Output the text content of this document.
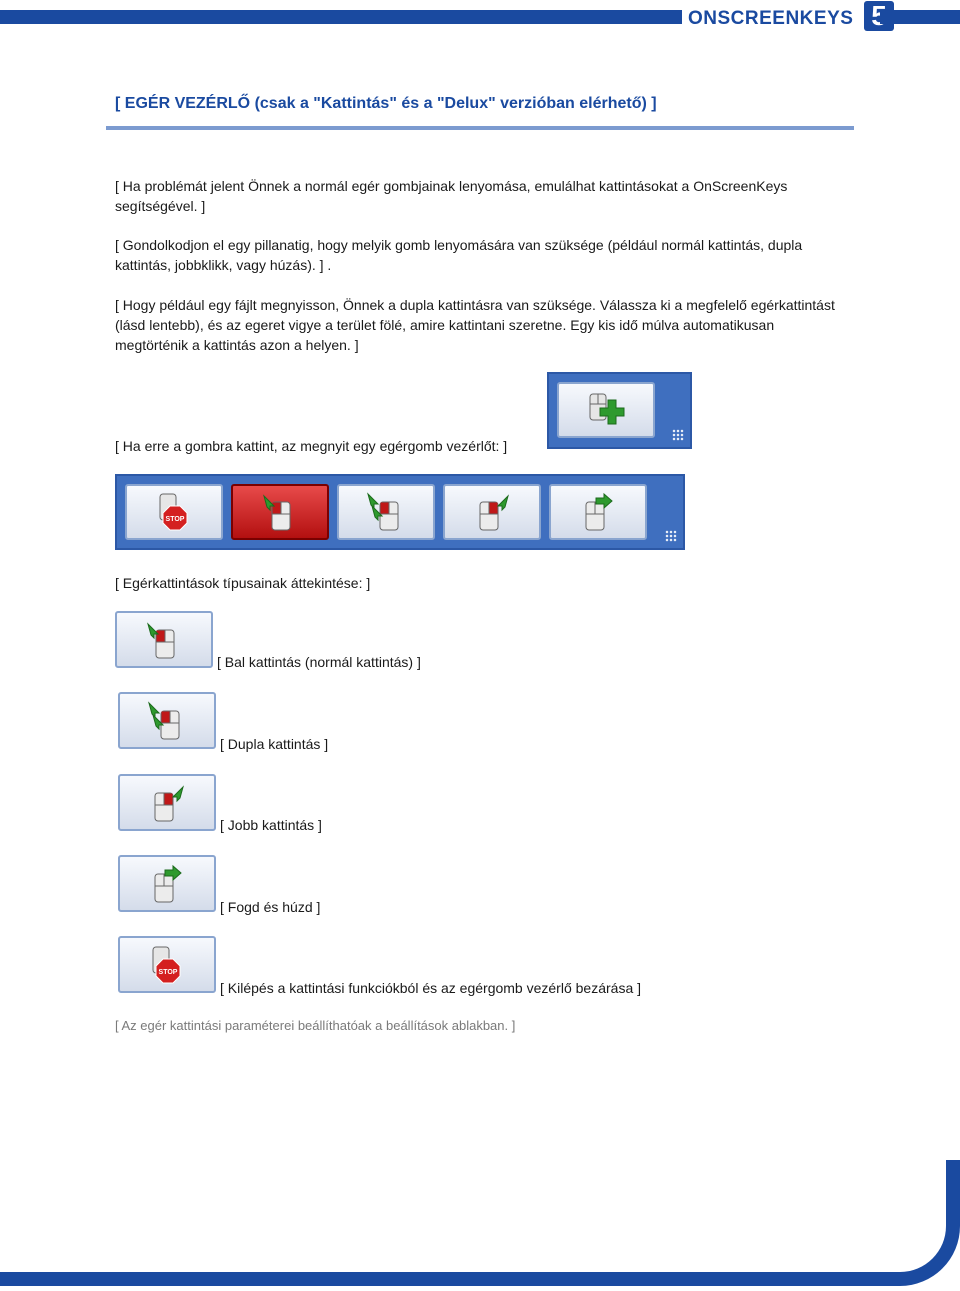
ONSCREENKEYS 5
[ EGÉR VEZÉRLŐ (csak a "Kattintás" és a "Delux" verzióban elérhető) ]
[ Ha problémát jelent Önnek a normál egér gombjainak lenyomása, emulálhat kattintásokat a OnScreenKeys segítségével. ]
[ Gondolkodjon el egy pillanatig, hogy melyik gomb lenyomására van szüksége (például normál kattintás, dupla kattintás, jobbklikk, vagy húzás). ] .
[ Hogy például egy fájlt megnyisson, Önnek a dupla kattintásra van szüksége. Válassza ki a megfelelő egérkattintást (lásd lentebb), és az egeret vigye a terület fölé, amire kattintani szeretne. Egy kis idő múlva automatikusan megtörténik a kattintás azon a helyen. ]
[ Ha erre a gombra kattint, az megnyit egy egérgomb vezérlőt: ]
STOP
[ Egérkattintások típusainak áttekintése: ]
[ Bal kattintás (normál kattintás) ]
[ Dupla kattintás ]
[ Jobb kattintás ]
[ Fogd és húzd ]
STOP
[ Kilépés a kattintási funkciókból és az egérgomb vezérlő bezárása ]
[ Az egér kattintási paraméterei beállíthatóak a beállítások ablakban. ]
